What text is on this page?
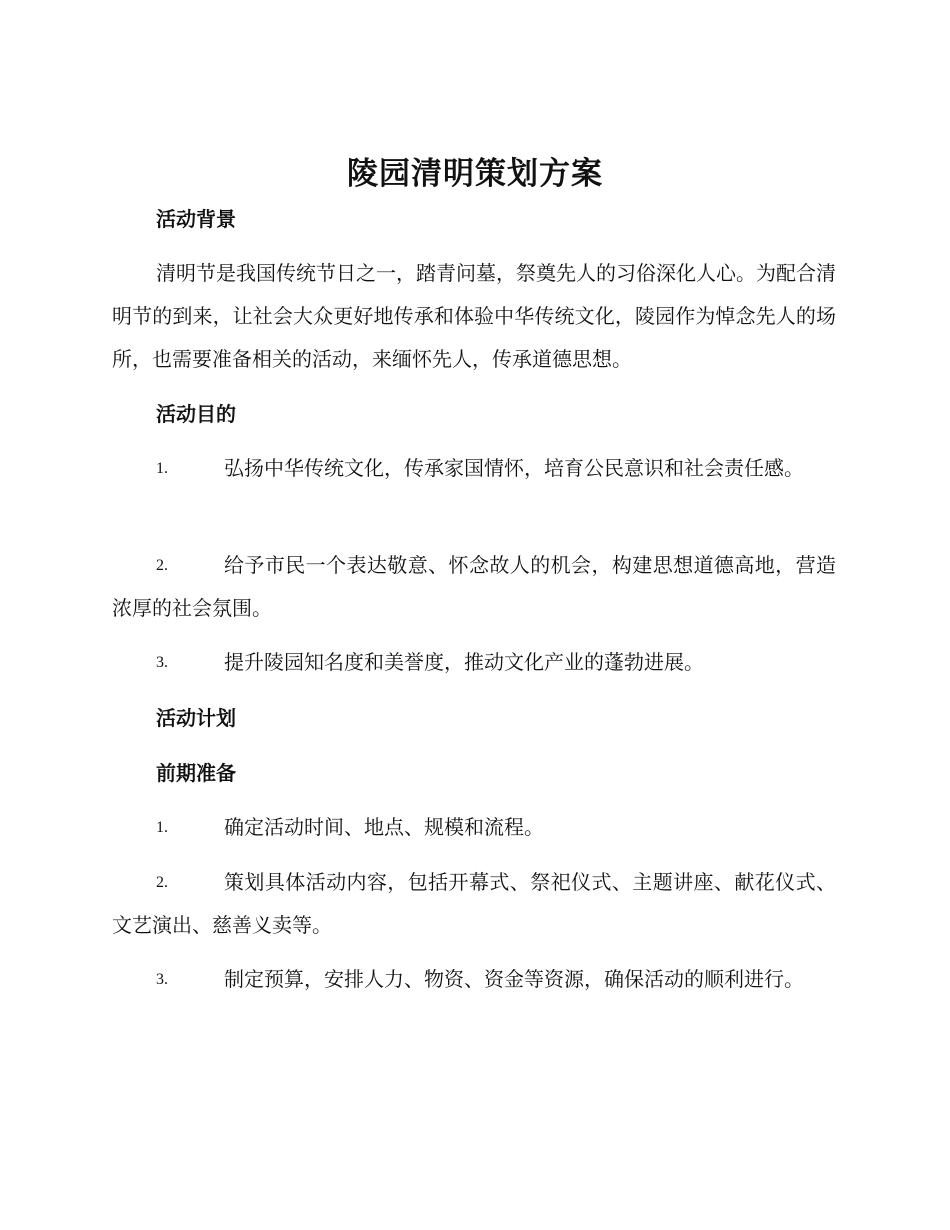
陵园清明策划方案
活动背景
清明节是我国传统节日之一，踏青问墓，祭奠先人的习俗深化人心。为配合清明节的到来，让社会大众更好地传承和体验中华传统文化，陵园作为悼念先人的场所，也需要准备相关的活动，来缅怀先人，传承道德思想。
活动目的
1.	弘扬中华传统文化，传承家国情怀，培育公民意识和社会责任感。
2.	给予市民一个表达敬意、怀念故人的机会，构建思想道德高地，营造浓厚的社会氛围。
3.	提升陵园知名度和美誉度，推动文化产业的蓬勃进展。
活动计划
前期准备
1.	确定活动时间、地点、规模和流程。
2.	策划具体活动内容，包括开幕式、祭祀仪式、主题讲座、献花仪式、文艺演出、慈善义卖等。
3.	制定预算，安排人力、物资、资金等资源，确保活动的顺利进行。
